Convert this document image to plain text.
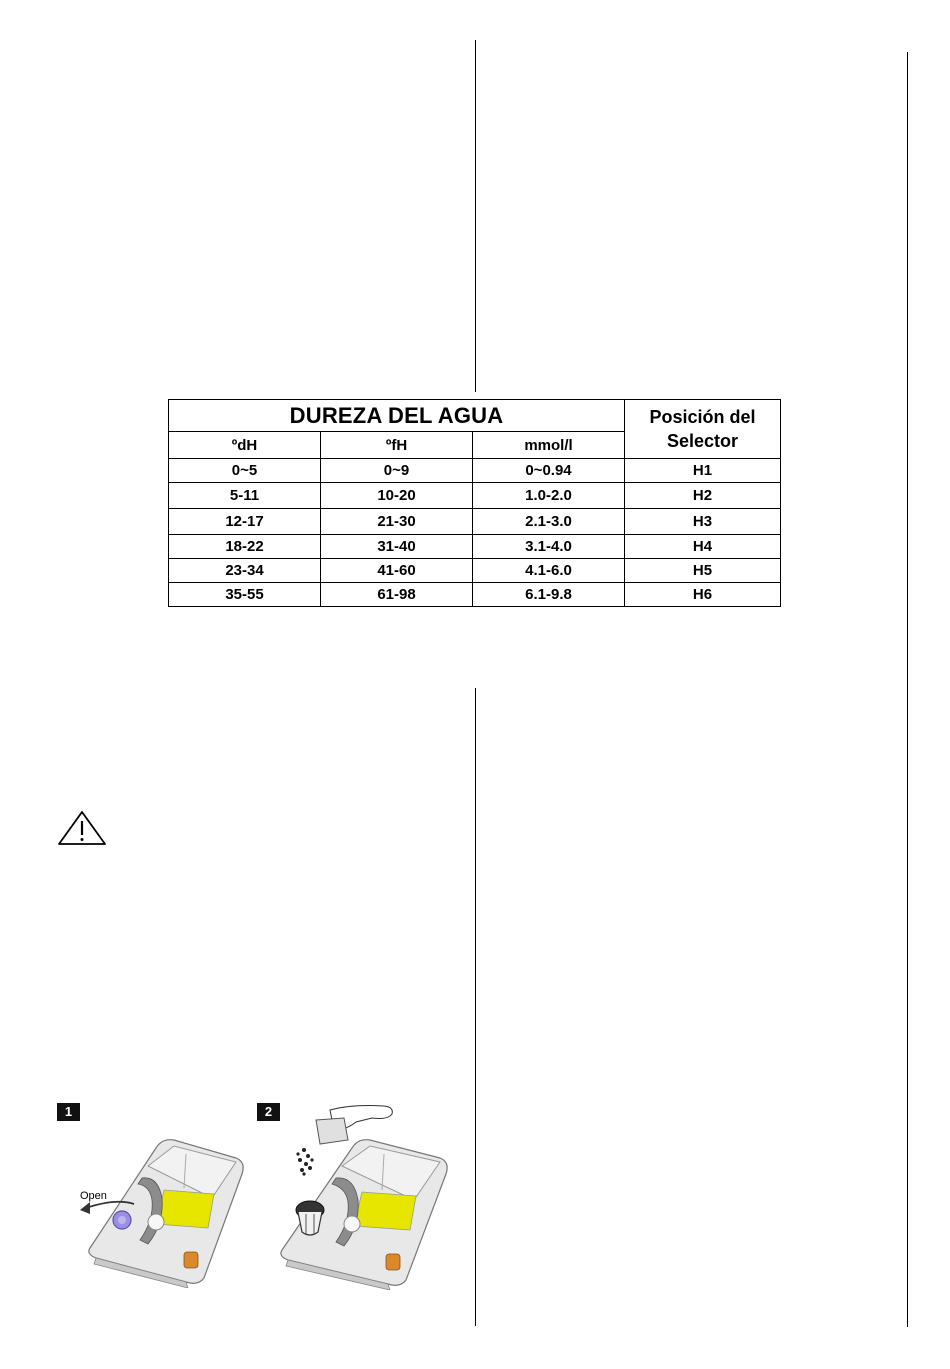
DUREZA DEL AGUA			Posición del Selector
ºdH	ºfH	mmol/l	
0~5	0~9	0~0.94	H1
5-11	10-20	1.0-2.0	H2
12-17	21-30	2.1-3.0	H3
18-22	31-40	3.1-4.0	H4
23-34	41-60	4.1-6.0	H5
35-55	61-98	6.1-9.8	H6
1
Open
2
